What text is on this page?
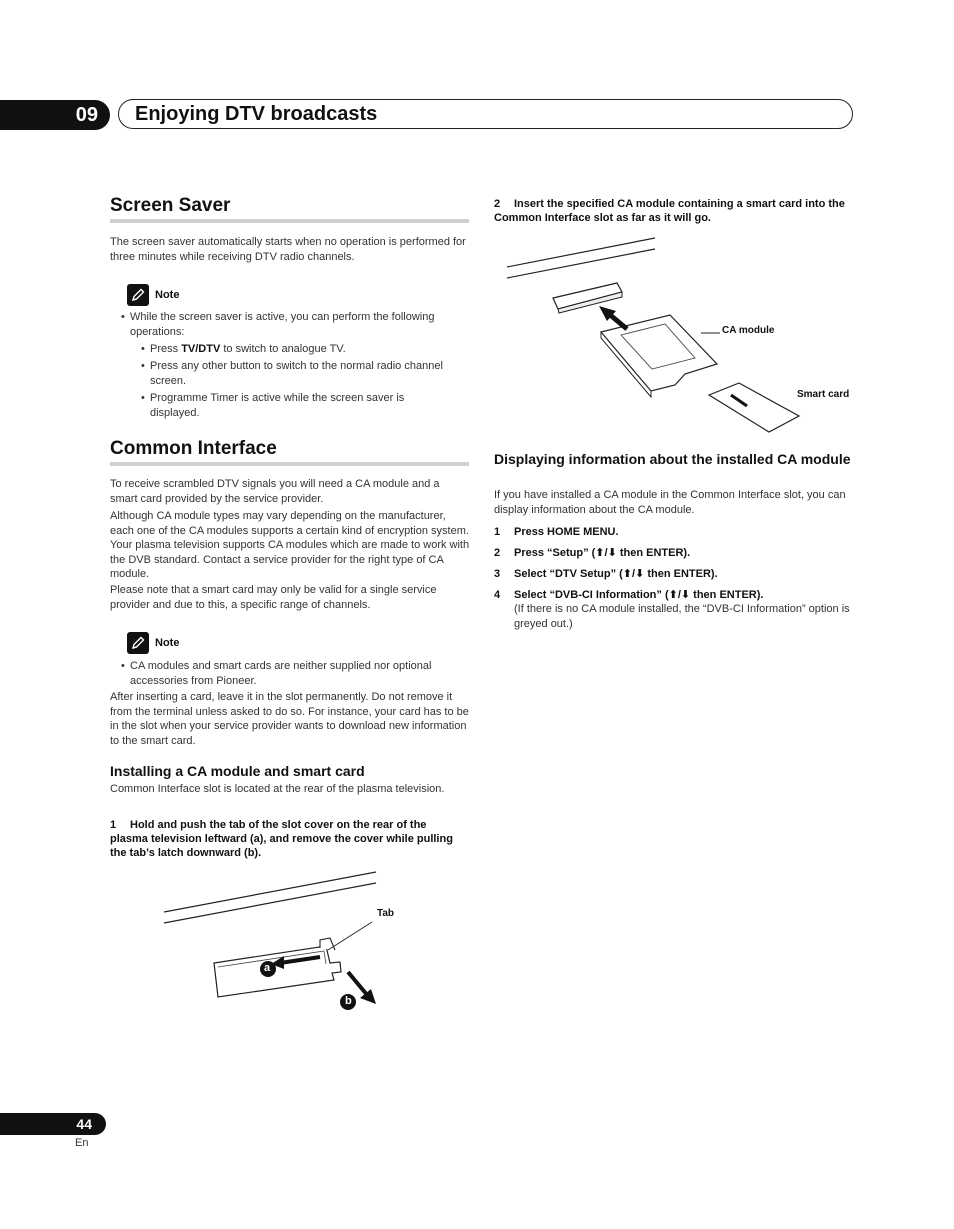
09 Enjoying DTV broadcasts
Screen Saver

The screen saver automatically starts when no operation is performed for three minutes while receiving DTV radio channels.

Note

• While the screen saver is active, you can perform the following operations:

• Press TV/DTV to switch to analogue TV.

• Press any other button to switch to the normal radio channel screen.

• Programme Timer is active while the screen saver is displayed.

Common Interface

To receive scrambled DTV signals you will need a CA module and a smart card provided by the service provider.

Although CA module types may vary depending on the manufacturer, each one of the CA modules supports a certain kind of encryption system. Your plasma television supports CA modules which are made to work with the DVB standard. Contact a service provider for the right type of CA module.

Please note that a smart card may only be valid for a single service provider and due to this, a specific range of channels.

Note

• CA modules and smart cards are neither supplied nor optional accessories from Pioneer.

After inserting a card, leave it in the slot permanently. Do not remove it from the terminal unless asked to do so. For instance, your card has to be in the slot when your service provider wants to download new information to the smart card.

Installing a CA module and smart card

Common Interface slot is located at the rear of the plasma television.

1 Hold and push the tab of the slot cover on the rear of the plasma television leftward (a), and remove the cover while pulling the tab’s latch downward (b).

Tab
a
b

2 Insert the specified CA module containing a smart card into the Common Interface slot as far as it will go.

CA module
Smart card
Displaying information about the installed CA module

If you have installed a CA module in the Common Interface slot, you can display information about the CA module.

1 Press HOME MENU.

2 Press “Setup” (⬆/⬇ then ENTER).

3 Select “DTV Setup” (⬆/⬇ then ENTER).

4 Select “DVB-CI Information” (⬆/⬇ then ENTER).

(If there is no CA module installed, the “DVB-CI Information” option is greyed out.)

44
En
